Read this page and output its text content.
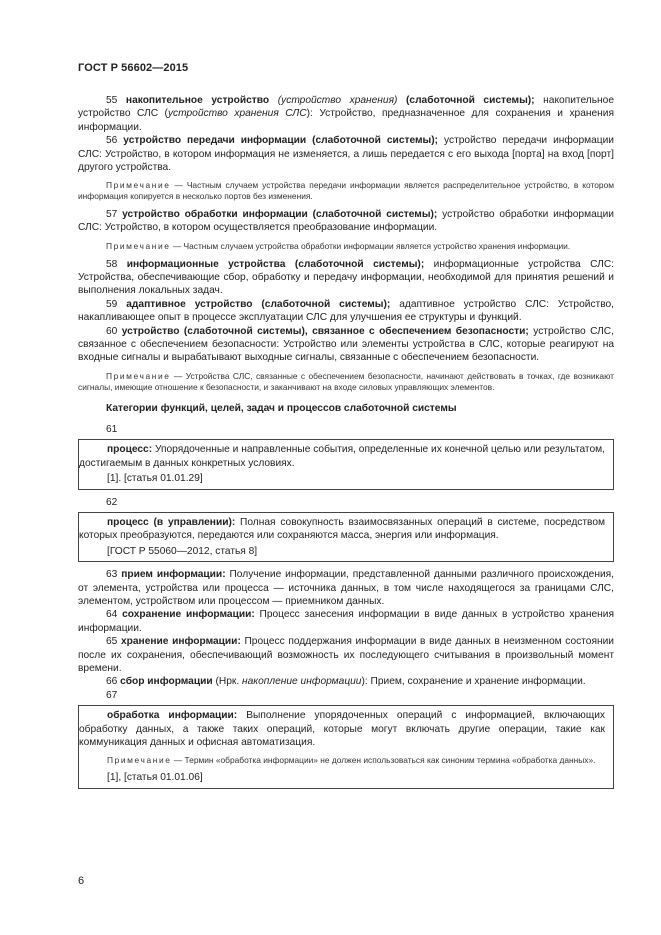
ГОСТ Р 56602—2015

55 накопительное устройство (устройство хранения) (слаботочной системы); накопительное устройство СЛС (устройство хранения СЛС): Устройство, предназначенное для сохранения и хранения информации.

56 устройство передачи информации (слаботочной системы); устройство передачи информации СЛС: Устройство, в котором информация не изменяется, а лишь передается с его выхода [порта] на вход [порт] другого устройства.

Примечание — Частным случаем устройства передачи информации является распределительное устройство, в котором информация копируется в несколько портов без изменения.

57 устройство обработки информации (слаботочной системы); устройство обработки информации СЛС: Устройство, в котором осуществляется преобразование информации.

Примечание — Частным случаем устройства обработки информации является устройство хранения информации.

58 информационные устройства (слаботочной системы); информационные устройства СЛС: Устройства, обеспечивающие сбор, обработку и передачу информации, необходимой для принятия решений и выполнения локальных задач.

59 адаптивное устройство (слаботочной системы); адаптивное устройство СЛС: Устройство, накапливающее опыт в процессе эксплуатации СЛС для улучшения ее структуры и функций.

60 устройство (слаботочной системы), связанное с обеспечением безопасности; устройство СЛС, связанное с обеспечением безопасности: Устройство или элементы устройства в СЛС, которые реагируют на входные сигналы и вырабатывают выходные сигналы, связанные с обеспечением безопасности.

Примечание — Устройства СЛС, связанные с обеспечением безопасности, начинают действовать в точках, где возникают сигналы, имеющие отношение к безопасности, и заканчивают на входе силовых управляющих элементов.

Категории функций, целей, задач и процессов слаботочной системы

61

процесс: Упорядоченные и направленные события, определенные их конечной целью или результатом, достигаемым в данных конкретных условиях.

[1]. [статья 01.01.29]

62

процесс (в управлении): Полная совокупность взаимосвязанных операций в системе, посредством которых преобразуются, передаются или сохраняются масса, энергия или информация.

[ГОСТ Р 55060—2012, статья 8]

63 прием информации: Получение информации, представленной данными различного происхождения, от элемента, устройства или процесса — источника данных, в том числе находящегося за границами СЛС, элементом, устройством или процессом — приемником данных.

64 сохранение информации: Процесс занесения информации в виде данных в устройство хранения информации.

65 хранение информации: Процесс поддержания информации в виде данных в неизменном состоянии после их сохранения, обеспечивающий возможность их последующего считывания в произвольный момент времени.

66 сбор информации (Нрк. накопление информации): Прием, сохранение и хранение информации.

67

обработка информации: Выполнение упорядоченных операций с информацией, включающих обработку данных, а также таких операций, которые могут включать другие операции, такие как коммуникация данных и офисная автоматизация.

Примечание — Термин «обработка информации» не должен использоваться как синоним термина «обработка данных».

[1], [статья 01.01.06]

6
